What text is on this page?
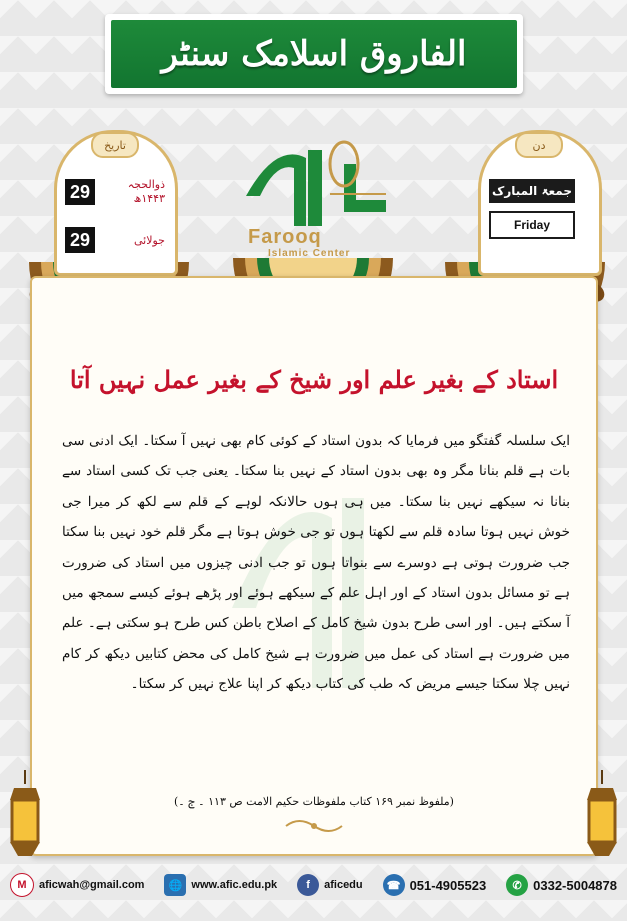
الفاروق اسلامک سنٹر
تاریخ
29	ذوالحجہ
۱۴۴۳ھ
29	جولائی
دن
جمعۃ المبارک
Friday
Farooq
Islamic Center
استاد کے بغیر علم اور شیخ کے بغیر عمل نہیں آتا
ایک سلسلہ گفتگو میں فرمایا کہ بدون استاد کے کوئی کام بھی نہیں آ سکتا۔ ایک ادنی سی بات ہے قلم بنانا مگر وہ بھی بدون استاد کے نہیں بنا سکتا۔ یعنی جب تک کسی استاد سے بنانا نہ سیکھے نہیں بنا سکتا۔ میں ہی ہوں حالانکہ لوہے کے قلم سے لکھ کر میرا جی خوش نہیں ہوتا سادہ قلم سے لکھتا ہوں تو جی خوش ہوتا ہے مگر قلم خود نہیں بنا سکتا جب ضرورت ہوتی ہے دوسرے سے بنواتا ہوں تو جب ادنی چیزوں میں استاد کی ضرورت ہے تو مسائل بدون استاد کے اور اہل علم کے سیکھے ہوئے اور پڑھے ہوئے کیسے سمجھ میں آ سکتے ہیں۔ اور اسی طرح بدون شیخ کامل کے اصلاح باطن کس طرح ہو سکتی ہے۔ علم میں ضرورت ہے استاد کی عمل میں ضرورت ہے شیخ کامل کی محض کتابیں دیکھ کر کام نہیں چلا سکتا جیسے مریض کہ طب کی کتاب دیکھ کر اپنا علاج نہیں کر سکتا۔
(ملفوظ نمبر ۱۶۹ کتاب ملفوظات حکیم الامت ص ۱۱۳ ۔ ج ۔)
M	aficwah@gmail.com	🌐 www.afic.edu.pk	f	aficedu	☎ 051-4905523	✆ 0332-5004878
